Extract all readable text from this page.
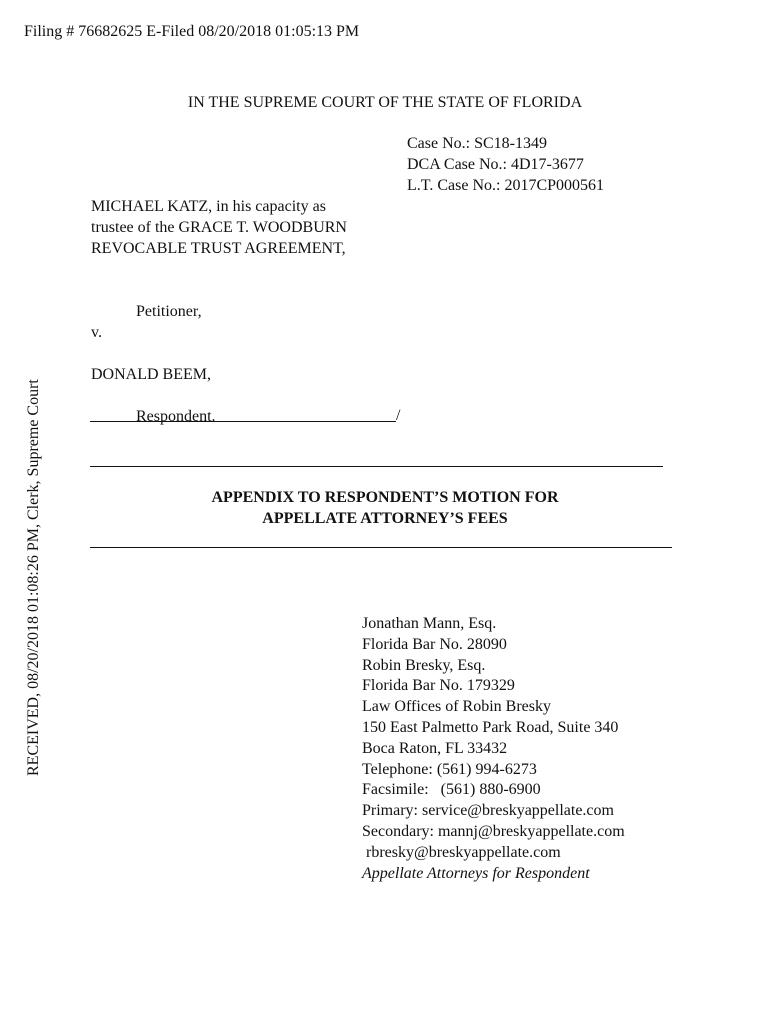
Filing # 76682625 E-Filed 08/20/2018 01:05:13 PM
RECEIVED, 08/20/2018 01:08:26 PM, Clerk, Supreme Court
IN THE SUPREME COURT OF THE STATE OF FLORIDA
Case No.: SC18-1349
DCA Case No.: 4D17-3677
L.T. Case No.: 2017CP000561
MICHAEL KATZ, in his capacity as
trustee of the GRACE T. WOODBURN
REVOCABLE TRUST AGREEMENT,
Petitioner,
v.
DONALD BEEM,
Respondent.	/
APPENDIX TO RESPONDENT’S MOTION FOR
APPELLATE ATTORNEY’S FEES
Jonathan Mann, Esq.
Florida Bar No. 28090
Robin Bresky, Esq.
Florida Bar No. 179329
Law Offices of Robin Bresky
150 East Palmetto Park Road, Suite 340
Boca Raton, FL 33432
Telephone: (561) 994-6273
Facsimile:   (561) 880-6900
Primary: service@breskyappellate.com
Secondary: mannj@breskyappellate.com
rbresky@breskyappellate.com
Appellate Attorneys for Respondent
